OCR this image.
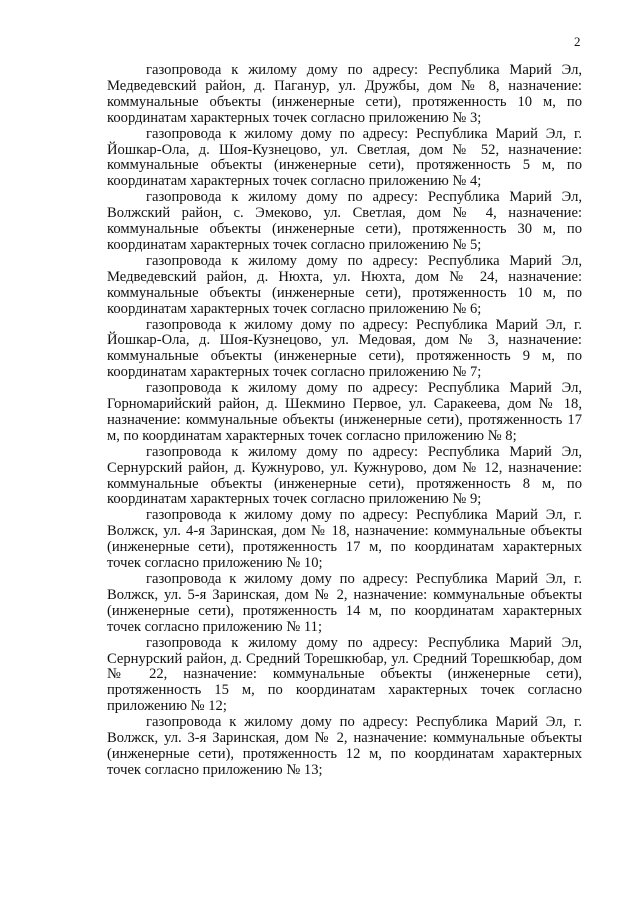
2

газопровода к жилому дому по адресу: Республика Марий Эл, Медведевский район, д. Паганур, ул. Дружбы, дом № 8, назначение: коммунальные объекты (инженерные сети), протяженность 10 м, по координатам характерных точек согласно приложению № 3;

газопровода к жилому дому по адресу: Республика Марий Эл, г. Йошкар-Ола, д. Шоя-Кузнецово, ул. Светлая, дом № 52, назначение: коммунальные объекты (инженерные сети), протяженность 5 м, по координатам характерных точек согласно приложению № 4;

газопровода к жилому дому по адресу: Республика Марий Эл, Волжский район, с. Эмеково, ул. Светлая, дом № 4, назначение: коммунальные объекты (инженерные сети), протяженность 30 м, по координатам характерных точек согласно приложению № 5;

газопровода к жилому дому по адресу: Республика Марий Эл, Медведевский район, д. Нюхта, ул. Нюхта, дом № 24, назначение: коммунальные объекты (инженерные сети), протяженность 10 м, по координатам характерных точек согласно приложению № 6;

газопровода к жилому дому по адресу: Республика Марий Эл, г. Йошкар-Ола, д. Шоя-Кузнецово, ул. Медовая, дом № 3, назначение: коммунальные объекты (инженерные сети), протяженность 9 м, по координатам характерных точек согласно приложению № 7;

газопровода к жилому дому по адресу: Республика Марий Эл, Горномарийский район, д. Шекмино Первое, ул. Саракеева, дом № 18, назначение: коммунальные объекты (инженерные сети), протяженность 17 м, по координатам характерных точек согласно приложению № 8;

газопровода к жилому дому по адресу: Республика Марий Эл, Сернурский район, д. Кужнурово, ул. Кужнурово, дом № 12, назначение: коммунальные объекты (инженерные сети), протяженность 8 м, по координатам характерных точек согласно приложению № 9;

газопровода к жилому дому по адресу: Республика Марий Эл, г. Волжск, ул. 4-я Заринская, дом № 18, назначение: коммунальные объекты (инженерные сети), протяженность 17 м, по координатам характерных точек согласно приложению № 10;

газопровода к жилому дому по адресу: Республика Марий Эл, г. Волжск, ул. 5-я Заринская, дом № 2, назначение: коммунальные объекты (инженерные сети), протяженность 14 м, по координатам характерных точек согласно приложению № 11;

газопровода к жилому дому по адресу: Республика Марий Эл, Сернурский район, д. Средний Торешкюбар, ул. Средний Торешкюбар, дом № 22, назначение: коммунальные объекты (инженерные сети), протяженность 15 м, по координатам характерных точек согласно приложению № 12;

газопровода к жилому дому по адресу: Республика Марий Эл, г. Волжск, ул. 3-я Заринская, дом № 2, назначение: коммунальные объекты (инженерные сети), протяженность 12 м, по координатам характерных точек согласно приложению № 13;
